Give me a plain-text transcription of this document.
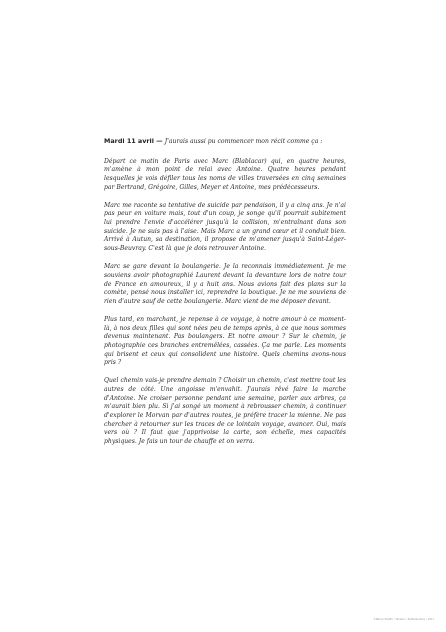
Mardi 11 avril — J'aurais aussi pu commencer mon récit comme ça :

Départ ce matin de Paris avec Marc (Blablacar) qui, en quatre heures, m'amène à mon point de relai avec Antoine. Quatre heures pendant lesquelles je vois défiler tous les noms de villes traversées en cinq semaines par Bertrand, Grégoire, Gilles, Meyer et Antoine, mes prédécesseurs.

Marc me raconte sa tentative de suicide par pendaison, il y a cinq ans. Je n'ai pas peur en voiture mais, tout d'un coup, je songe qu'il pourrait subitement lui prendre l'envie d'accélérer jusqu'à la collision, m'entraînant dans son suicide. Je ne suis pas à l'aise. Mais Marc a un grand cœur et il conduit bien. Arrivé à Autun, sa destination, il propose de m'amener jusqu'à Saint-Léger-sous-Beuvray. C'est là que je dois retrouver Antoine.

Marc se gare devant la boulangerie. Je la reconnais immédiatement. Je me souviens avoir photographié Laurent devant la devanture lors de notre tour de France en amoureux, il y a huit ans. Nous avions fait des plans sur la comète, pensé nous installer ici, reprendre la boutique. Je ne me souviens de rien d'autre sauf de cette boulangerie. Marc vient de me déposer devant.

Plus tard, en marchant, je repense à ce voyage, à notre amour à ce moment-là, à nos deux filles qui sont nées peu de temps après, à ce que nous sommes devenus maintenant. Pas boulangers. Et notre amour ? Sur le chemin, je photographie ces branches entremêlées, cassées. Ça me parle. Les moments qui brisent et ceux qui consolident une histoire. Quels chemins avons-nous pris ?

Quel chemin vais-je prendre demain ? Choisir un chemin, c'est mettre tout les autres de côté. Une angoisse m'envahit. J'aurais rêvé faire la marche d'Antoine. Ne croiser personne pendant une semaine, parler aux arbres, ça m'aurait bien plu. Si j'ai songé un moment à rebrousser chemin, à continuer d'explorer le Morvan par d'autres routes, je préfère tracer la mienne. Ne pas chercher à retourner sur les traces de ce lointain voyage, avancer. Oui, mais vers où ? Il faut que j'apprivoise la carte, son échelle, mes capacités physiques. Je fais un tour de chauffe et on verra.

©Marion Pinaffo • Tenteré • Tentteres Paris • 2017
